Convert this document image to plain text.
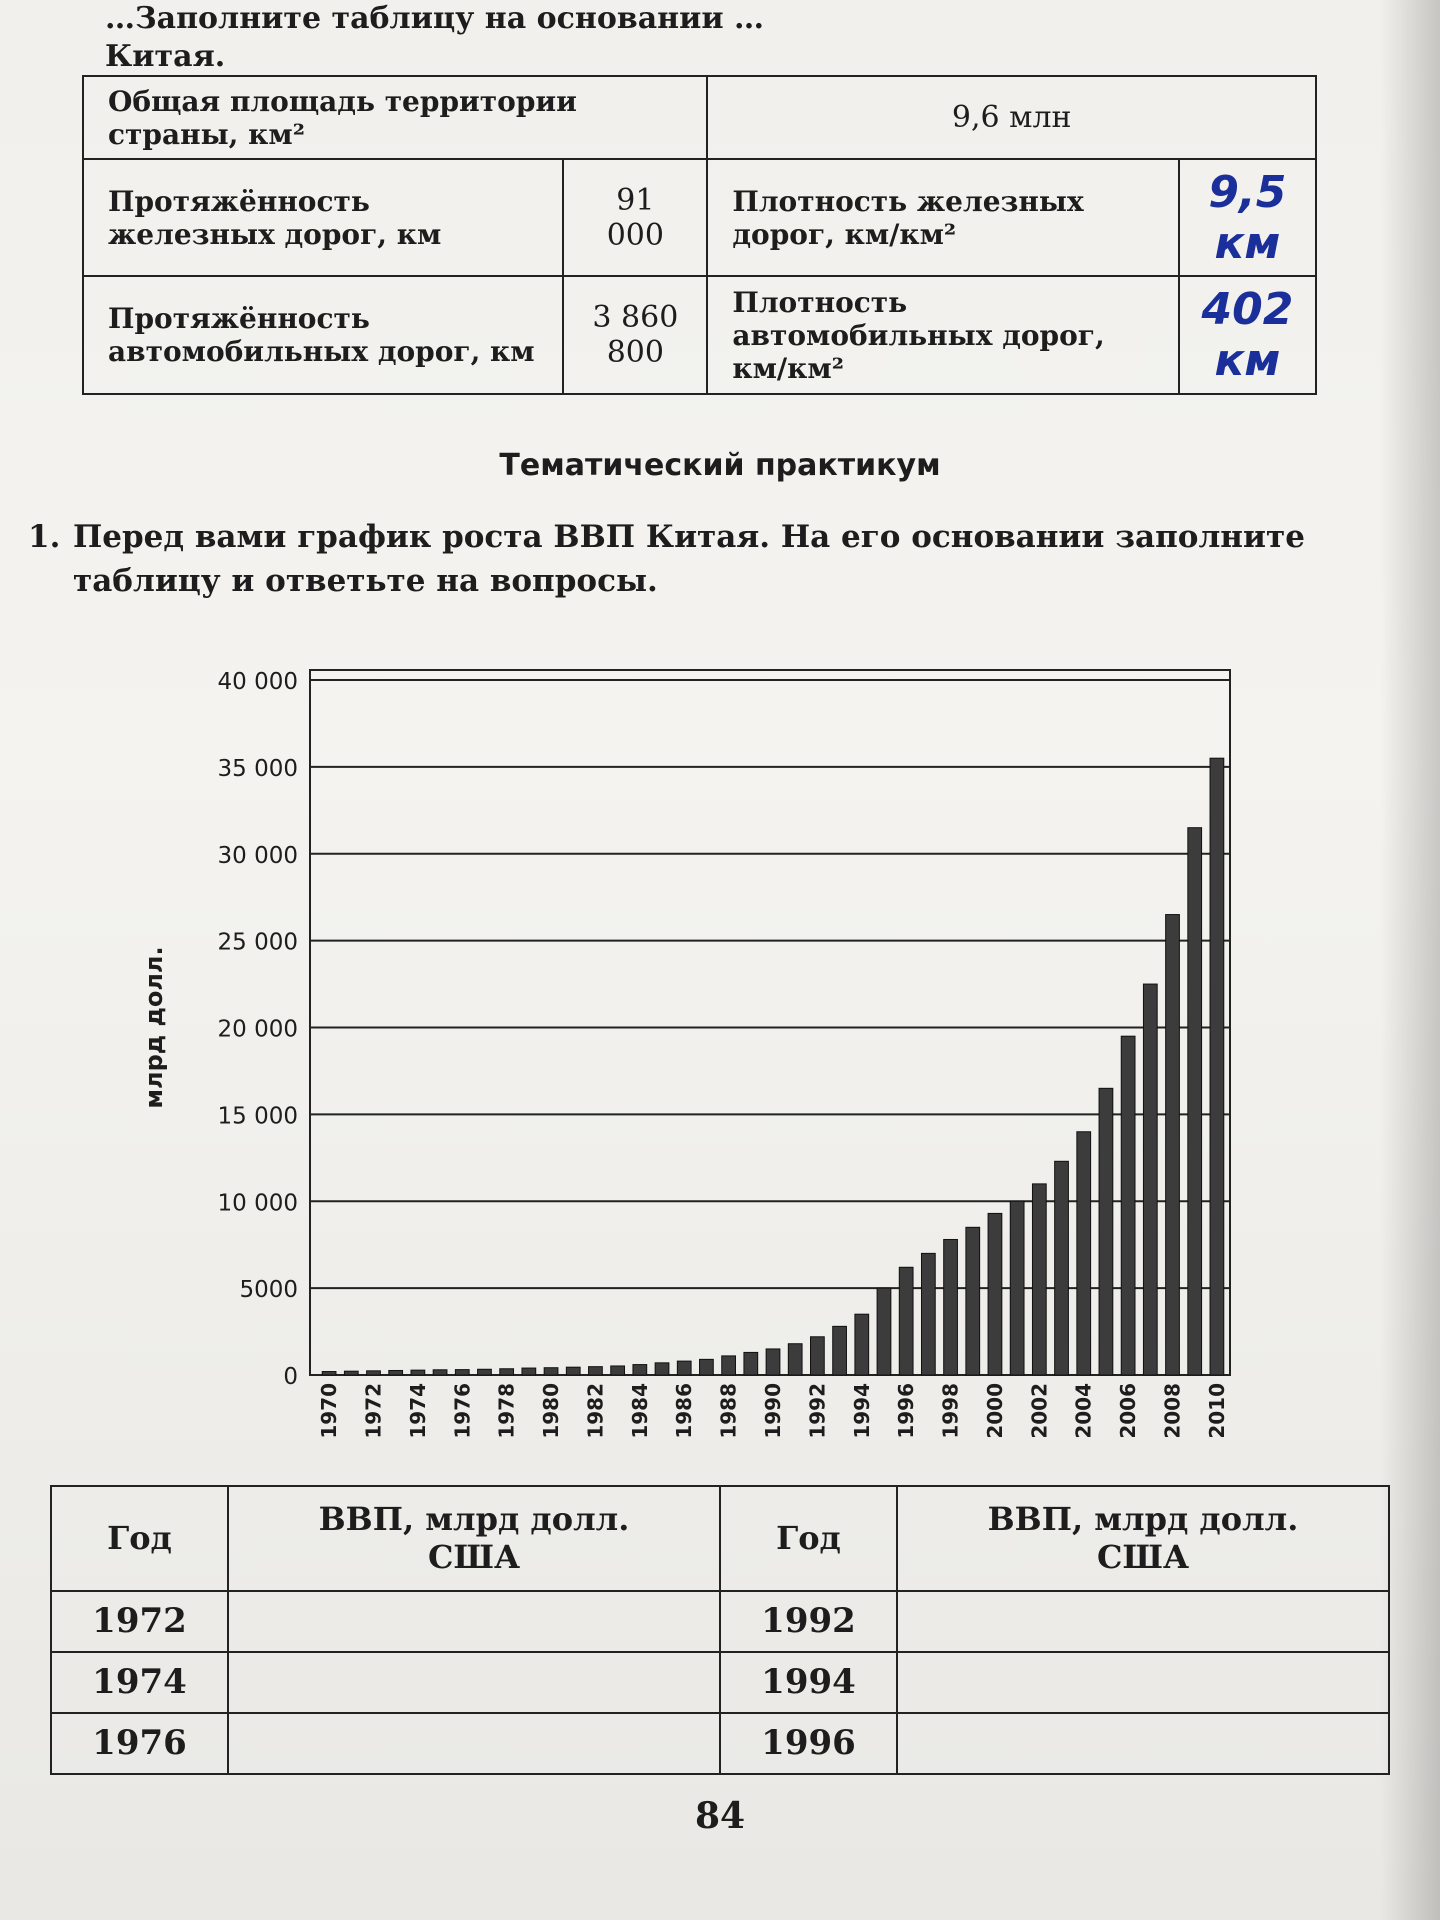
…Заполните таблицу на основании …
Китая.
Общая площадь территории страны, км²		9,6 млн	
Протяжённость железных дорог, км	91 000	Плотность железных дорог, км/км²	9,5 км
Протяжённость автомобильных дорог, км	3 860 800	Плотность автомобильных дорог, км/км²	402 км
Тематический практикум
1. Перед вами график роста ВВП Китая. На его основании заполните
таблицу и ответьте на вопросы.
0
5000
10 000
15 000
20 000
25 000
30 000
35 000
40 000
млрд долл.
1970 1972 1974 1976 1978 1980 1982 1984 1986 1988 1990 1992 1994 1996 1998 2000 2002 2004 2006 2008 2010
Год	ВВП, млрд долл. США	Год	ВВП, млрд долл. США
1972		1992	
1974		1994	
1976		1996	
84
